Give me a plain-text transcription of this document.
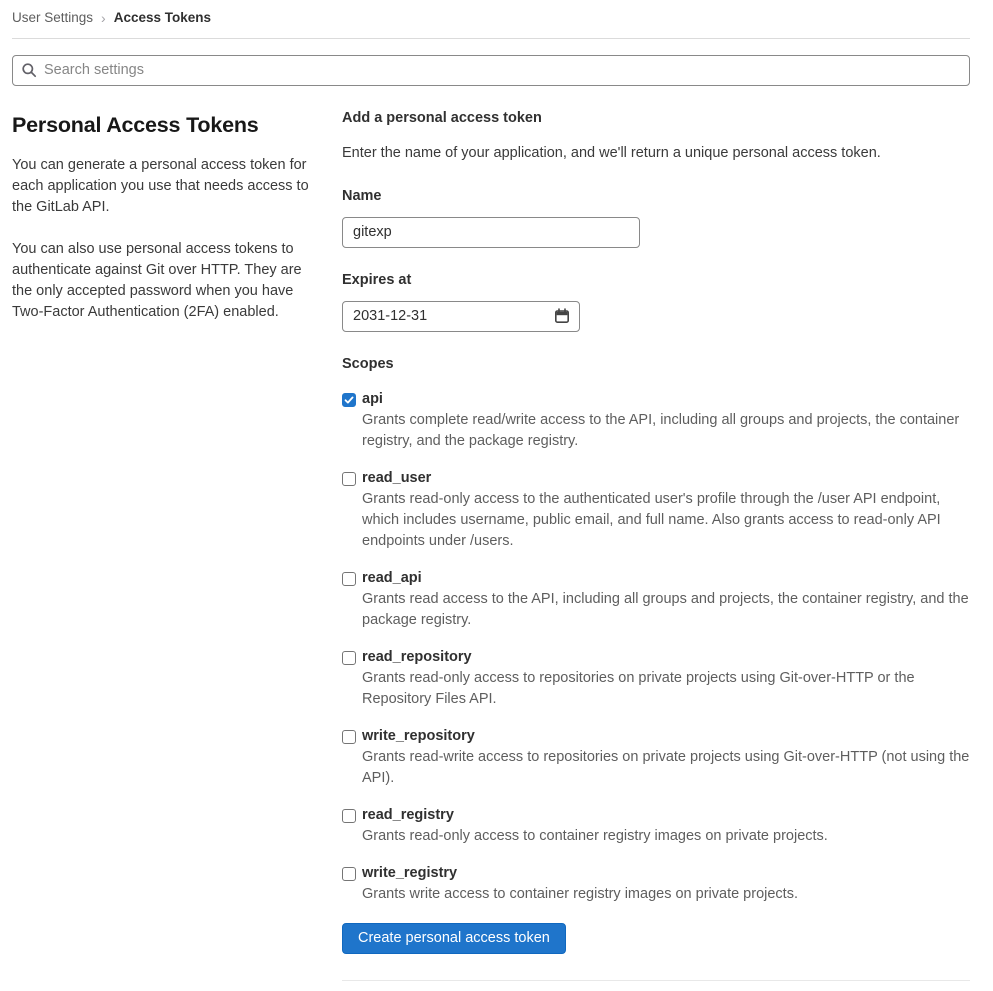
User Settings › Access Tokens
Search settings
Personal Access Tokens

You can generate a personal access token for each application you use that needs access to the GitLab API.

You can also use personal access tokens to authenticate against Git over HTTP. They are the only accepted password when you have Two-Factor Authentication (2FA) enabled.

Add a personal access token

Enter the name of your application, and we'll return a unique personal access token.

Name
gitexp
Expires at
2031-12-31
Scopes
api
Grants complete read/write access to the API, including all groups and projects, the container registry, and the package registry.
read_user
Grants read-only access to the authenticated user's profile through the /user API endpoint, which includes username, public email, and full name. Also grants access to read-only API endpoints under /users.
read_api
Grants read access to the API, including all groups and projects, the container registry, and the package registry.
read_repository
Grants read-only access to repositories on private projects using Git-over-HTTP or the Repository Files API.
write_repository
Grants read-write access to repositories on private projects using Git-over-HTTP (not using the API).
read_registry
Grants read-only access to container registry images on private projects.
write_registry
Grants write access to container registry images on private projects.
Create personal access token
